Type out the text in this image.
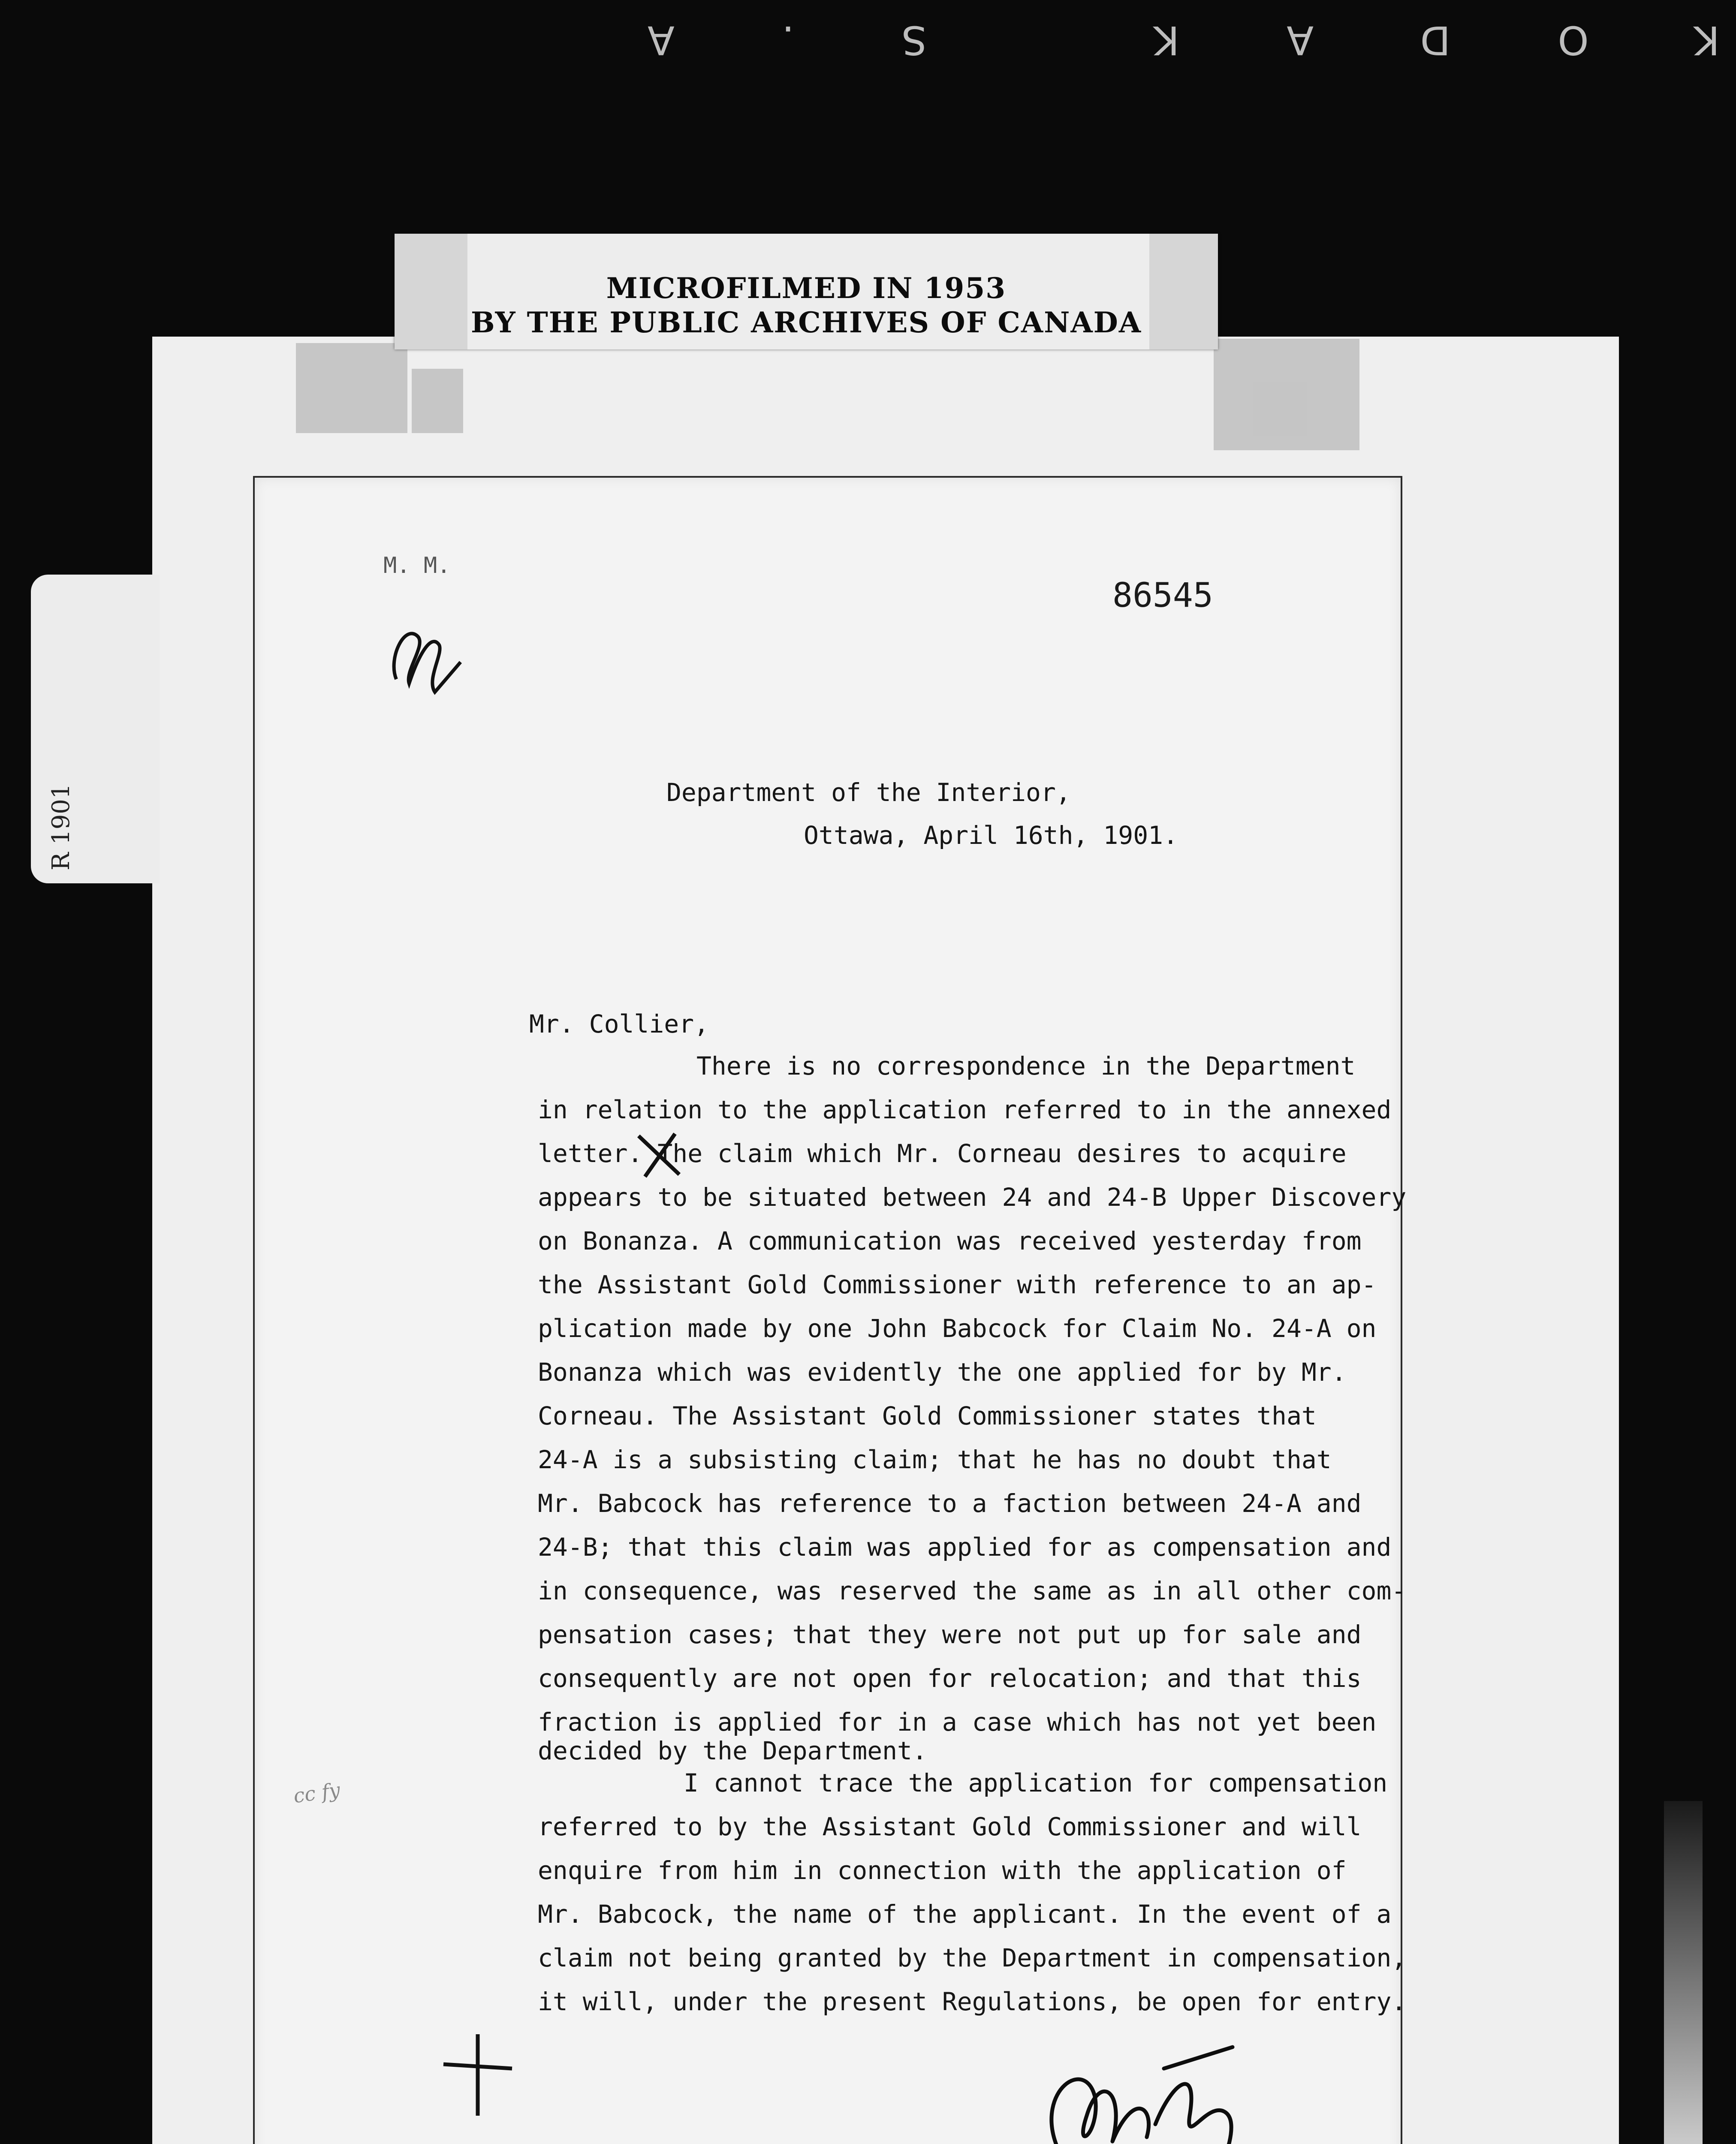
KODAK S.A
R 1901
MICROFILMED IN 1953
BY THE PUBLIC ARCHIVES OF CANADA
M. M.
86545
Department of the Interior,
Ottawa, April 16th, 1901.
Mr. Collier,
There is no correspondence in the Department
in relation to the application referred to in the annexed
letter. The claim which Mr. Corneau desires to acquire
appears to be situated between 24 and 24-B Upper Discovery
on Bonanza. A communication was received yesterday from
the Assistant Gold Commissioner with reference to an ap-
plication made by one John Babcock for Claim No. 24-A on
Bonanza which was evidently the one applied for by Mr.
Corneau. The Assistant Gold Commissioner states that
24-A is a subsisting claim; that he has no doubt that
Mr. Babcock has reference to a faction between 24-A and
24-B; that this claim was applied for as compensation and
in consequence, was reserved the same as in all other com-
pensation cases; that they were not put up for sale and
consequently are not open for relocation; and that this
fraction is applied for in a case which has not yet been
decided by the Department.
I cannot trace the application for compensation
referred to by the Assistant Gold Commissioner and will
enquire from him in connection with the application of
Mr. Babcock, the name of the applicant. In the event of a
claim not being granted by the Department in compensation,
it will, under the present Regulations, be open for entry.
cc fy
